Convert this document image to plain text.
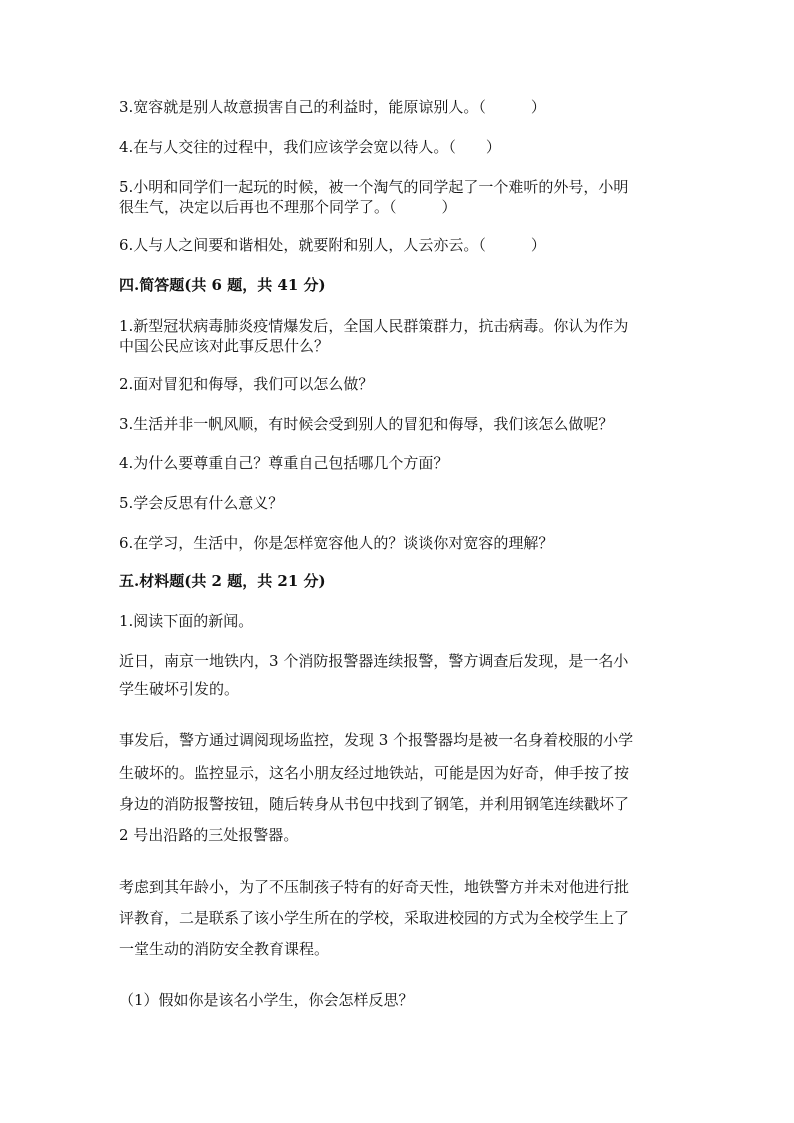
3.宽容就是别人故意损害自己的利益时，能原谅别人。（　　　）
4.在与人交往的过程中，我们应该学会宽以待人。（　　）
5.小明和同学们一起玩的时候，被一个淘气的同学起了一个难听的外号，小明
很生气，决定以后再也不理那个同学了。（　　　）
6.人与人之间要和谐相处，就要附和别人，人云亦云。（　　　）
四.简答题(共 6 题，共 41 分)
1.新型冠状病毒肺炎疫情爆发后，全国人民群策群力，抗击病毒。你认为作为
中国公民应该对此事反思什么？
2.面对冒犯和侮辱，我们可以怎么做？
3.生活并非一帆风顺，有时候会受到别人的冒犯和侮辱，我们该怎么做呢？
4.为什么要尊重自己？尊重自己包括哪几个方面？
5.学会反思有什么意义？
6.在学习，生活中，你是怎样宽容他人的？谈谈你对宽容的理解？
五.材料题(共 2 题，共 21 分)
1.阅读下面的新闻。
近日，南京一地铁内，3 个消防报警器连续报警，警方调查后发现，是一名小
学生破坏引发的。
事发后，警方通过调阅现场监控，发现 3 个报警器均是被一名身着校服的小学
生破坏的。监控显示，这名小朋友经过地铁站，可能是因为好奇，伸手按了按
身边的消防报警按钮，随后转身从书包中找到了钢笔，并利用钢笔连续戳坏了
2 号出沿路的三处报警器。
考虑到其年龄小，为了不压制孩子特有的好奇天性，地铁警方并未对他进行批
评教育，二是联系了该小学生所在的学校，采取进校园的方式为全校学生上了
一堂生动的消防安全教育课程。
（1）假如你是该名小学生，你会怎样反思？
